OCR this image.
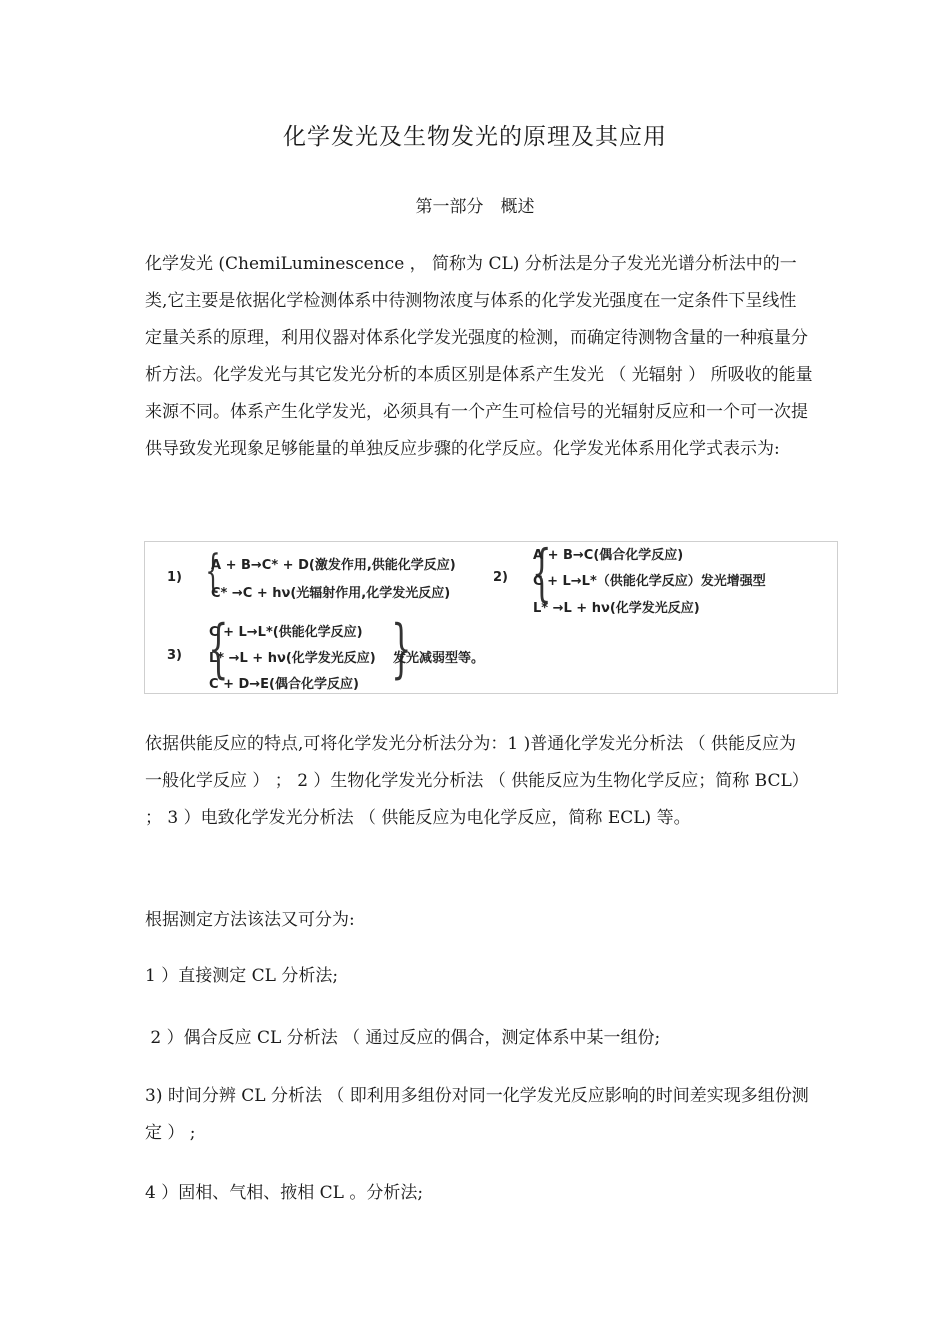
化学发光及生物发光的原理及其应用
第一部分　概述

化学发光 (ChemiLuminescence ， 简称为 CL) 分析法是分子发光光谱分析法中的一类,它主要是依据化学检测体系中待测物浓度与体系的化学发光强度在一定条件下呈线性定量关系的原理，利用仪器对体系化学发光强度的检测，而确定待测物含量的一种痕量分析方法。化学发光与其它发光分析的本质区别是体系产生发光 （ 光辐射 ） 所吸收的能量来源不同。体系产生化学发光，必须具有一个产生可检信号的光辐射反应和一个可一次提供导致发光现象足够能量的单独反应步骤的化学反应。化学发光体系用化学式表示为:

1) {
A + B→C* + D(激发作用,供能化学反应)
C* →C + hν(光辐射作用,化学发光反应)
2) {
A + B→C(偶合化学反应)
C + L→L*（供能化学反应）发光增强型
L* →L + hν(化学发光反应)
3) {
C + L→L*(供能化学反应)
L* →L + hν(化学发光反应)
C + D→E(偶合化学反应) }
发光减弱型等。

依据供能反应的特点,可将化学发光分析法分为：1 )普通化学发光分析法 （ 供能反应为一般化学反应 ） ； 2 ）生物化学发光分析法 （ 供能反应为生物化学反应；简称 BCL） ； 3 ）电致化学发光分析法 （ 供能反应为电化学反应，简称 ECL) 等。

根据测定方法该法又可分为:

1 ）直接测定 CL 分析法;

2 ）偶合反应 CL 分析法 （ 通过反应的偶合，测定体系中某一组份;

3) 时间分辨 CL 分析法 （ 即利用多组份对同一化学发光反应影响的时间差实现多组份测定 ） ;

4 ）固相、气相、掖相 CL 。分析法;
